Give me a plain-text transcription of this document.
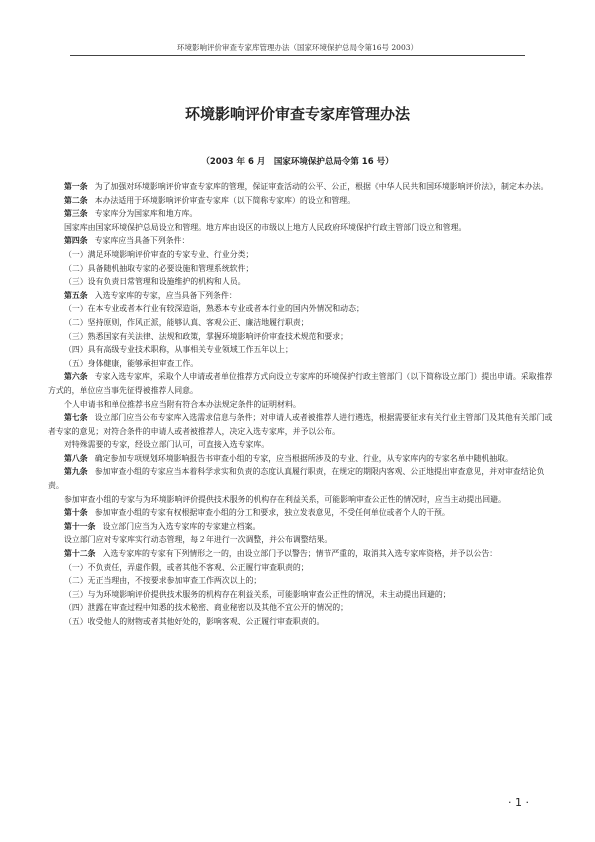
环境影响评价审查专家库管理办法（国家环境保护总局令第16号 2003）
环境影响评价审查专家库管理办法
（2003 年 6 月　国家环境保护总局令第 16 号）

第一条 为了加强对环境影响评价审查专家库的管理，保证审查活动的公平、公正，根据《中华人民共和国环境影响评价法》，制定本办法。

第二条 本办法适用于环境影响评价审查专家库（以下简称专家库）的设立和管理。

第三条 专家库分为国家库和地方库。

国家库由国家环境保护总局设立和管理。地方库由设区的市级以上地方人民政府环境保护行政主管部门设立和管理。

第四条 专家库应当具备下列条件：

（一）满足环境影响评价审查的专家专业、行业分类；

（二）具备随机抽取专家的必要设施和管理系统软件；

（三）设有负责日常管理和设施维护的机构和人员。

第五条 入选专家库的专家，应当具备下列条件：

（一）在本专业或者本行业有较深造诣，熟悉本专业或者本行业的国内外情况和动态；

（二）坚持原则，作风正派，能够认真、客观公正、廉洁地履行职责；

（三）熟悉国家有关法律、法规和政策，掌握环境影响评价审查技术规范和要求；

（四）具有高级专业技术职称，从事相关专业领域工作五年以上；

（五）身体健康，能够承担审查工作。

第六条 专家入选专家库，采取个人申请或者单位推荐方式向设立专家库的环境保护行政主管部门（以下简称设立部门）提出申请。采取推荐方式的，单位应当事先征得被推荐人同意。

个人申请书和单位推荐书应当附有符合本办法规定条件的证明材料。

第七条 设立部门应当公布专家库入选需求信息与条件；对申请人或者被推荐人进行遴选，根据需要征求有关行业主管部门及其他有关部门或者专家的意见；对符合条件的申请人或者被推荐人，决定入选专家库，并予以公布。

对特殊需要的专家，经设立部门认可，可直接入选专家库。

第八条 确定参加专项规划环境影响报告书审查小组的专家，应当根据所涉及的专业、行业，从专家库内的专家名单中随机抽取。

第九条 参加审查小组的专家应当本着科学求实和负责的态度认真履行职责，在规定的期限内客观、公正地提出审查意见，并对审查结论负责。

参加审查小组的专家与为环境影响评价提供技术服务的机构存在利益关系，可能影响审查公正性的情况时，应当主动提出回避。

第十条 参加审查小组的专家有权根据审查小组的分工和要求，独立发表意见，不受任何单位或者个人的干预。

第十一条 设立部门应当为入选专家库的专家建立档案。

设立部门应对专家库实行动态管理，每２年进行一次调整，并公布调整结果。

第十二条 入选专家库的专家有下列情形之一的，由设立部门予以警告；情节严重的，取消其入选专家库资格，并予以公告：

（一）不负责任，弄虚作假，或者其他不客观、公正履行审查职责的；

（二）无正当理由，不按要求参加审查工作两次以上的；

（三）与为环境影响评价提供技术服务的机构存在利益关系，可能影响审查公正性的情况，未主动提出回避的；

（四）泄露在审查过程中知悉的技术秘密、商业秘密以及其他不宜公开的情况的；

（五）收受他人的财物或者其他好处的，影响客观、公正履行审查职责的。

· 1 ·
